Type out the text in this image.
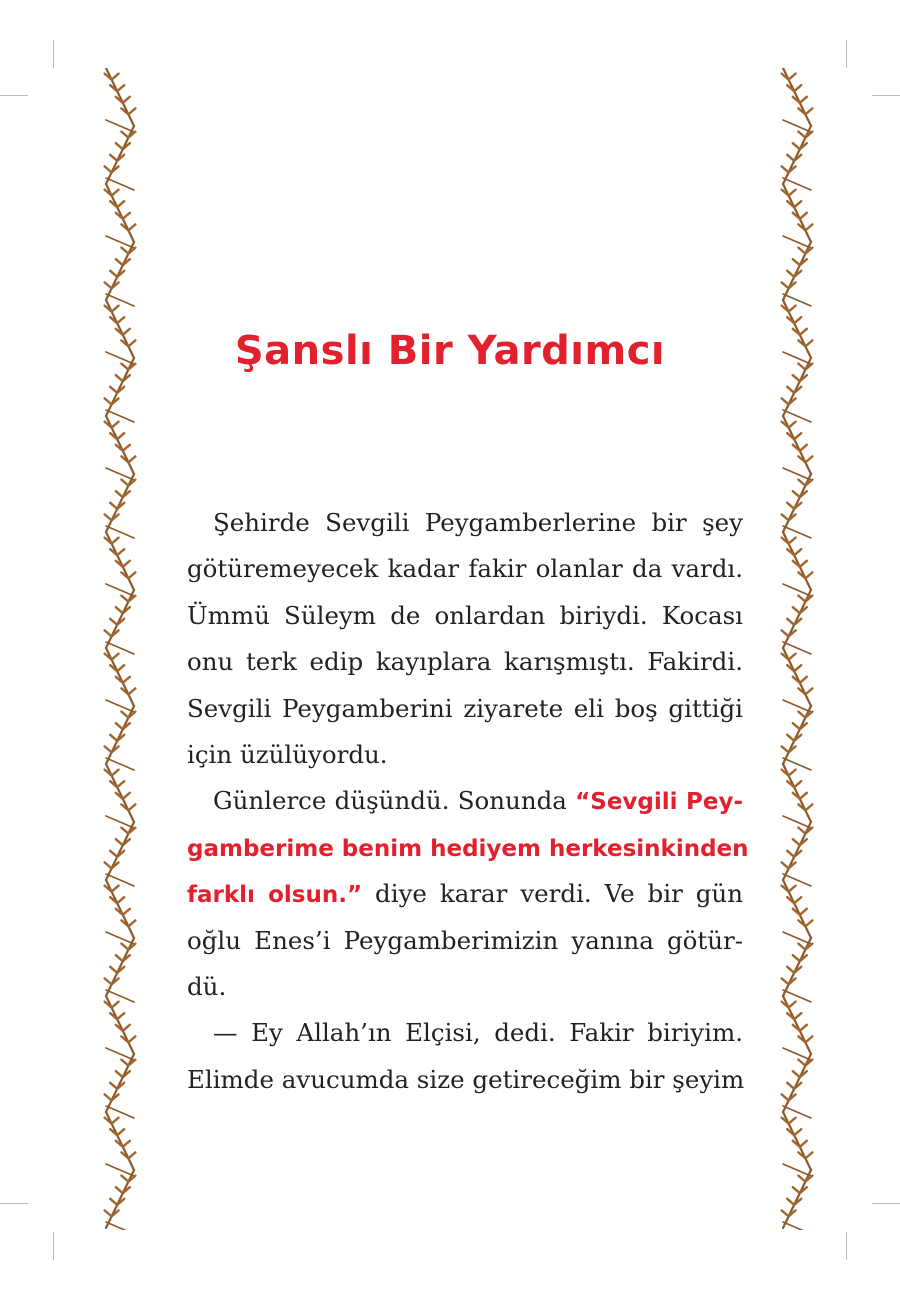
Şanslı Bir Yardımcı
Şehirde Sevgili Peygamberlerine bir şey
götüremeyecek kadar fakir olanlar da vardı.
Ümmü Süleym de onlardan biriydi. Kocası
onu terk edip kayıplara karışmıştı. Fakirdi.
Sevgili Peygamberini ziyarete eli boş gittiği
için üzülüyordu.
Günlerce düşündü. Sonunda “Sevgili Pey-
gamberime benim hediyem herkesinkinden
farklı olsun.” diye karar verdi. Ve bir gün
oğlu Enes’i Peygamberimizin yanına götür-
dü.
— Ey Allah’ın Elçisi, dedi. Fakir biriyim.
Elimde avucumda size getireceğim bir şeyim
